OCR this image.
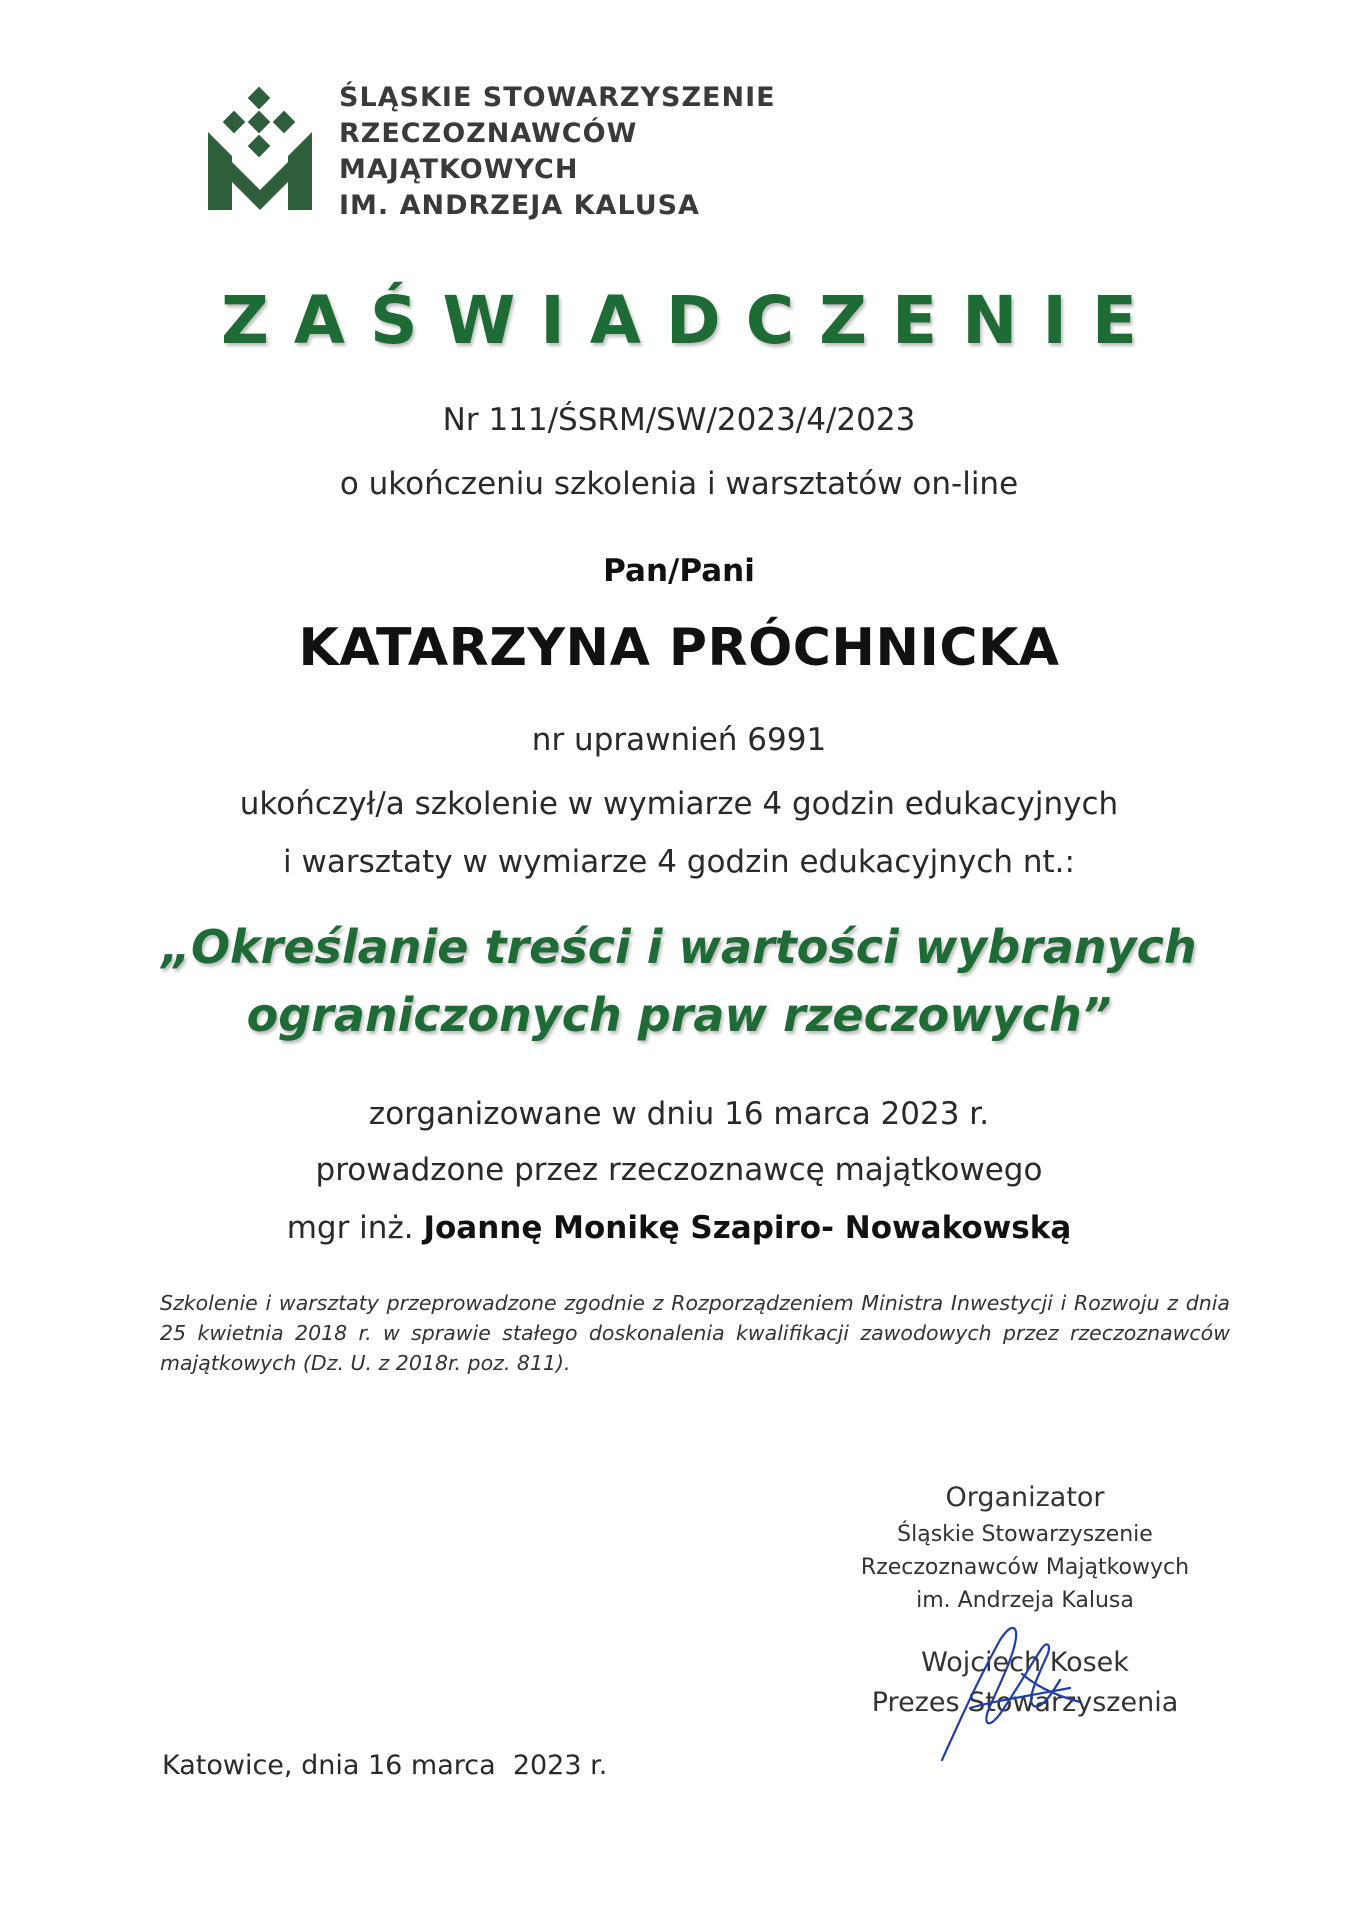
ŚLĄSKIE STOWARZYSZENIE
RZECZOZNAWCÓW
MAJĄTKOWYCH
IM. ANDRZEJA KALUSA
ZAŚWIADCZENIE
Nr 111/ŚSRM/SW/2023/4/2023
o ukończeniu szkolenia i warsztatów on-line
Pan/Pani
KATARZYNA PRÓCHNICKA
nr uprawnień 6991
ukończył/a szkolenie w wymiarze 4 godzin edukacyjnych
i warsztaty w wymiarze 4 godzin edukacyjnych nt.:
„Określanie treści i wartości wybranych
ograniczonych praw rzeczowych”
zorganizowane w dniu 16 marca 2023 r.
prowadzone przez rzeczoznawcę majątkowego
mgr inż. Joannę Monikę Szapiro- Nowakowską
Szkolenie i warsztaty przeprowadzone zgodnie z Rozporządzeniem Ministra Inwestycji i Rozwoju z dnia 25 kwietnia 2018 r. w sprawie stałego doskonalenia kwalifikacji zawodowych przez rzeczoznawców majątkowych (Dz. U. z 2018r. poz. 811).
Organizator
Śląskie Stowarzyszenie
Rzeczoznawców Majątkowych
im. Andrzeja Kalusa
Wojciech Kosek
Prezes Stowarzyszenia
Katowice, dnia 16 marca  2023 r.
